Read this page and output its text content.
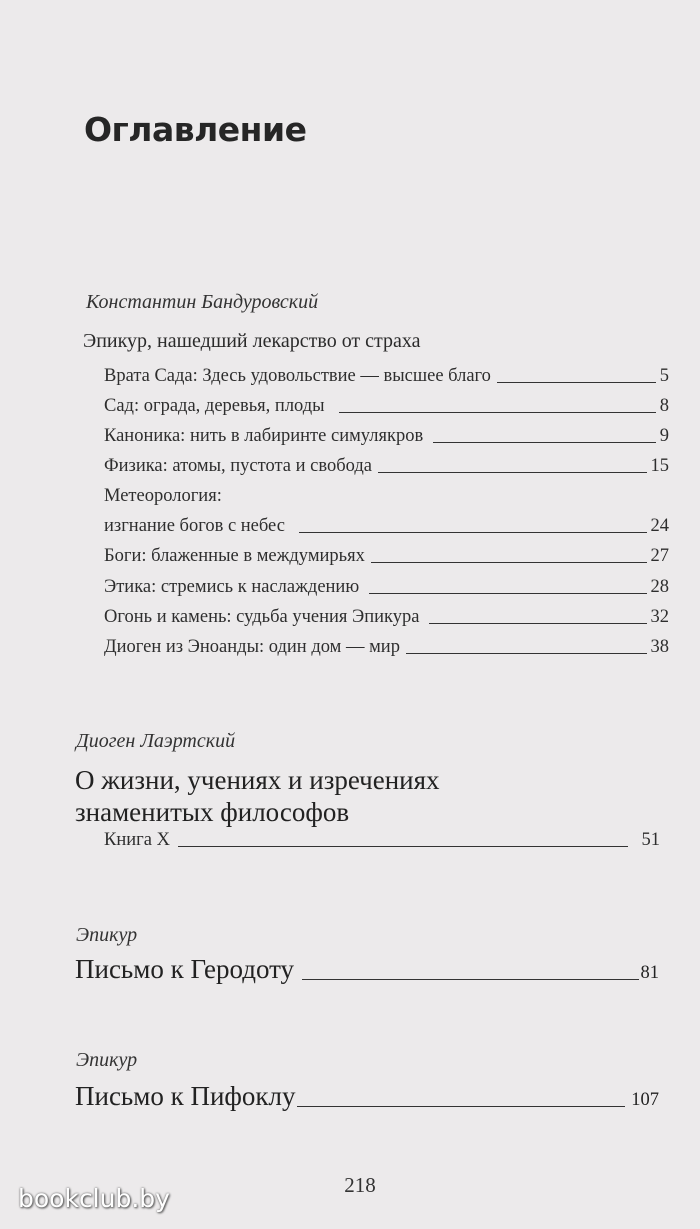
Оглавление
Константин Бандуровский
Эпикур, нашедший лекарство от страха
Врата Сада: Здесь удовольствие — высшее благо	5
Сад: ограда, деревья, плоды	8
Каноника: нить в лабиринте симулякров	9
Физика: атомы, пустота и свобода	15
Метеорология:
изгнание богов с небес	24
Боги: блаженные в междумирьях	27
Этика: стремись к наслаждению	28
Огонь и камень: судьба учения Эпикура	32
Диоген из Эноанды: один дом — мир	38
Диоген Лаэртский
О жизни, учениях и изречениях
знаменитых философов
Книга X	51
Эпикур
Письмо к Геродоту	81
Эпикур
Письмо к Пифоклу	107
218
bookclub.by
